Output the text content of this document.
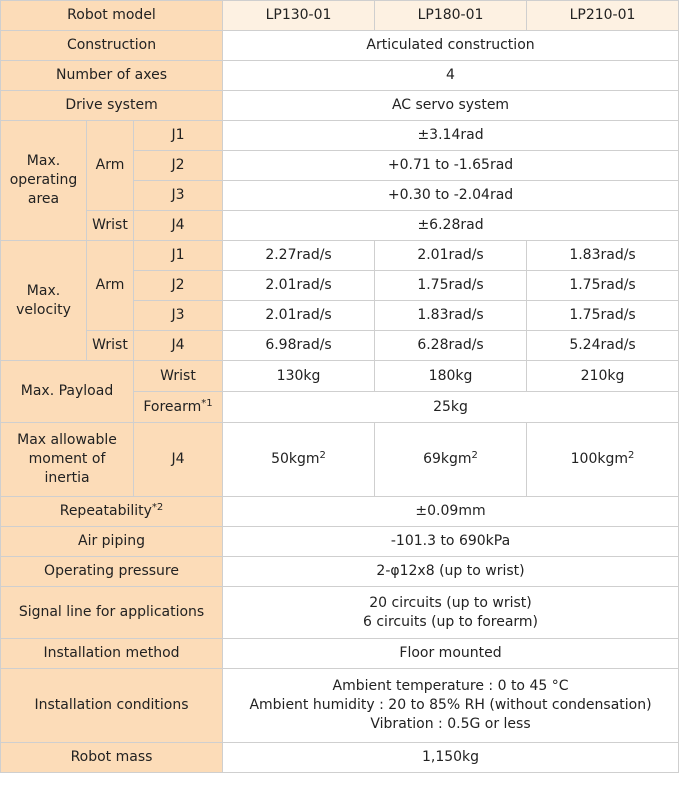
Robot model			LP130-01	LP180-01	LP210-01
Construction			Articulated construction		
Number of axes			4		
Drive system			AC servo system		
Max. operating area	Arm	J1	±3.14rad		
		J2	+0.71 to -1.65rad		
		J3	+0.30 to -2.04rad		
	Wrist	J4	±6.28rad		
Max. velocity	Arm	J1	2.27rad/s	2.01rad/s	1.83rad/s
		J2	2.01rad/s	1.75rad/s	1.75rad/s
		J3	2.01rad/s	1.83rad/s	1.75rad/s
	Wrist	J4	6.98rad/s	6.28rad/s	5.24rad/s
Max. Payload		Wrist	130kg	180kg	210kg
		Forearm$^{*1}$	25kg		
Max allowable moment of inertia		J4	50kgm$^2$	69kgm$^2$	100kgm$^2$
Repeatability$^{*2}$			±0.09mm		
Air piping			-101.3 to 690kPa		
Operating pressure			2-φ12x8 (up to wrist)		
Signal line for applications			20 circuits (up to wrist)
6 circuits (up to forearm)		

Installation method			Floor mounted		
Installation conditions			Ambient temperature : 0 to 45 °C
Ambient humidity : 20 to 85% RH (without condensation)
Vibration : 0.5G or less		

Robot mass			1,150kg		
